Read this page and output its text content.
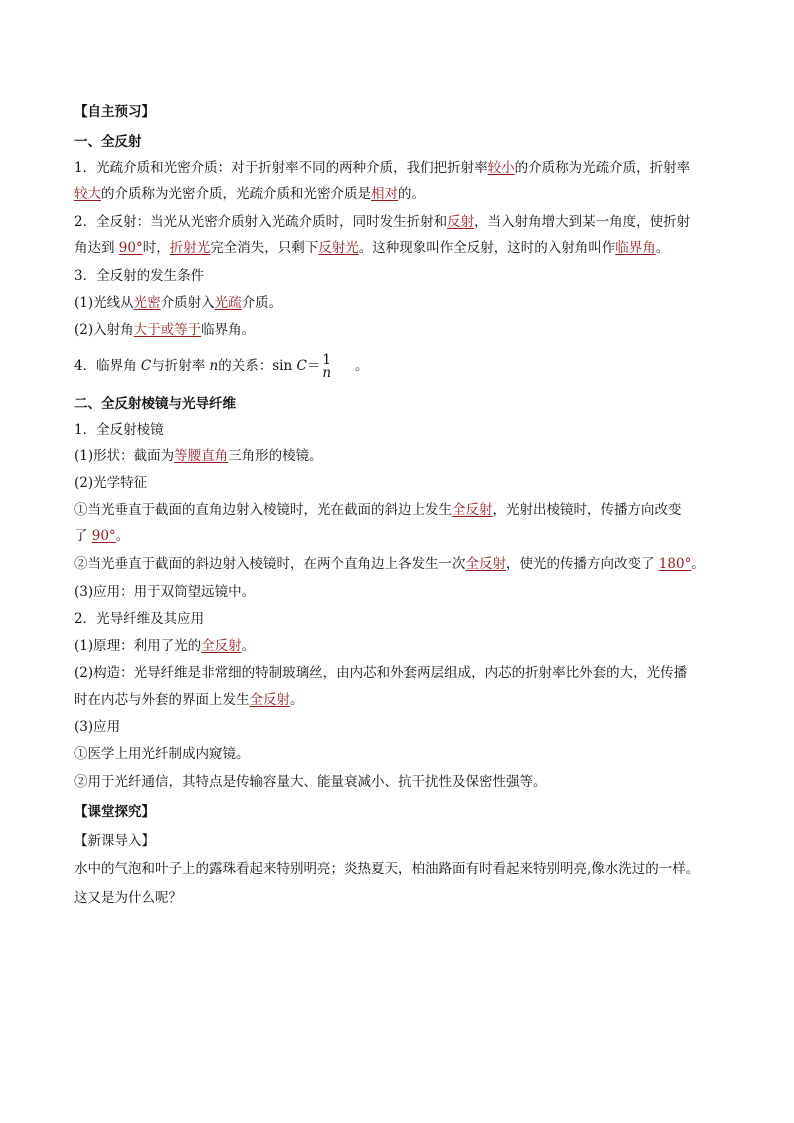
【自主预习】
一、全反射
1．光疏介质和光密介质：对于折射率不同的两种介质，我们把折射率较小的介质称为光疏介质，折射率
较大的介质称为光密介质，光疏介质和光密介质是相对的。
2．全反射：当光从光密介质射入光疏介质时，同时发生折射和反射，当入射角增大到某一角度，使折射
角达到 90°时，折射光完全消失，只剩下反射光。这种现象叫作全反射，这时的入射角叫作临界角。
3．全反射的发生条件
(1)光线从光密介质射入光疏介质。
(2)入射角大于或等于临界角。
4．临界角 C与折射率 n的关系：sin C＝ 1
n 。
二、全反射棱镜与光导纤维
1．全反射棱镜
(1)形状：截面为等腰直角三角形的棱镜。
(2)光学特征
①当光垂直于截面的直角边射入棱镜时，光在截面的斜边上发生全反射，光射出棱镜时，传播方向改变
了 90°。
②当光垂直于截面的斜边射入棱镜时，在两个直角边上各发生一次全反射，使光的传播方向改变了 180°。
(3)应用：用于双筒望远镜中。
2．光导纤维及其应用
(1)原理：利用了光的全反射。
(2)构造：光导纤维是非常细的特制玻璃丝，由内芯和外套两层组成，内芯的折射率比外套的大，光传播
时在内芯与外套的界面上发生全反射。
(3)应用
①医学上用光纤制成内窥镜。
②用于光纤通信，其特点是传输容量大、能量衰减小、抗干扰性及保密性强等。
【课堂探究】
【新课导入】
水中的气泡和叶子上的露珠看起来特别明亮；炎热夏天，柏油路面有时看起来特别明亮,像水洗过的一样。
这又是为什么呢？
